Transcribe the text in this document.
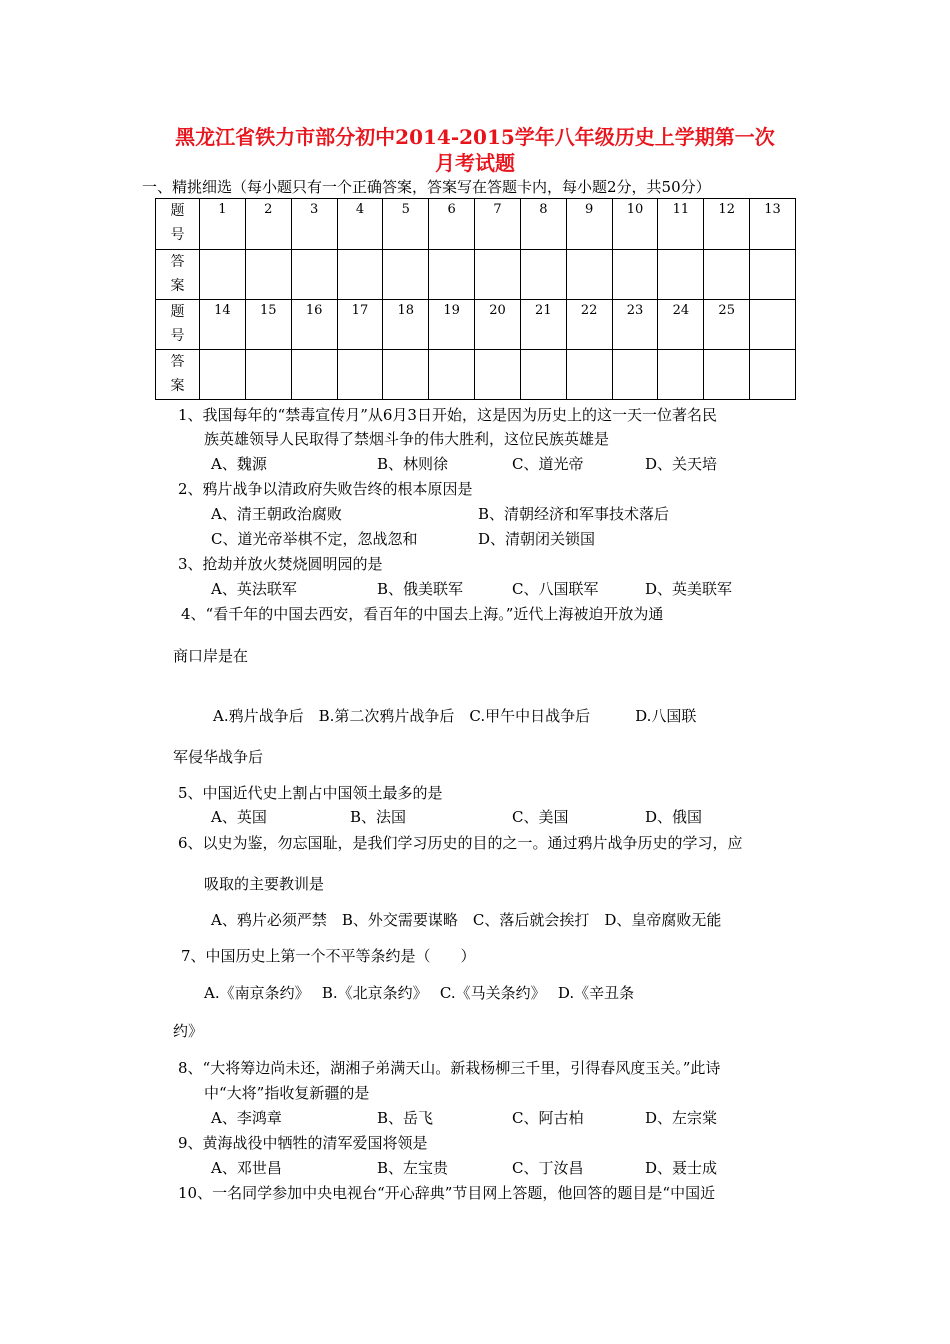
黑龙江省铁力市部分初中2014-2015学年八年级历史上学期第一次
月考试题
一、精挑细选（每小题只有一个正确答案，答案写在答题卡内，每小题2分，共50分）
题
号	1	2	3	4	5	6	7	8	9	10	11	12	13
答
案													
题
号	14	15	16	17	18	19	20	21	22	23	24	25	
答
案													
1、我国每年的“禁毒宣传月”从6月3日开始，这是因为历史上的这一天一位著名民
族英雄领导人民取得了禁烟斗争的伟大胜利，这位民族英雄是
A、魏源	B、林则徐	C、道光帝	D、关天培
2、鸦片战争以清政府失败告终的根本原因是
A、清王朝政治腐败	B、清朝经济和军事技术落后
C、道光帝举棋不定，忽战忽和	D、清朝闭关锁国
3、抢劫并放火焚烧圆明园的是
A、英法联军	B、俄美联军	C、八国联军	D、英美联军
4、“看千年的中国去西安，看百年的中国去上海。”近代上海被迫开放为通
商口岸是在
A.鸦片战争后　B.第二次鸦片战争后　C.甲午中日战争后　　　D.八国联
军侵华战争后
5、中国近代史上割占中国领土最多的是
A、英国	B、法国	C、美国	D、俄国
6、以史为鉴，勿忘国耻，是我们学习历史的目的之一。通过鸦片战争历史的学习，应
吸取的主要教训是
A、鸦片必须严禁　B、外交需要谋略　C、落后就会挨打　D、皇帝腐败无能
7、中国历史上第一个不平等条约是（　　）
A.《南京条约》　 B.《北京条约》　 C.《马关条约》　 D.《辛丑条
约》
8、“大将筹边尚未还，湖湘子弟满天山。新栽杨柳三千里，引得春风度玉关。”此诗
中“大将”指收复新疆的是
A、李鸿章	B、岳飞	C、阿古柏	D、左宗棠
9、黄海战役中牺牲的清军爱国将领是
A、邓世昌	B、左宝贵	C、丁汝昌	D、聂士成
10、一名同学参加中央电视台“开心辞典”节目网上答题，他回答的题目是“中国近
